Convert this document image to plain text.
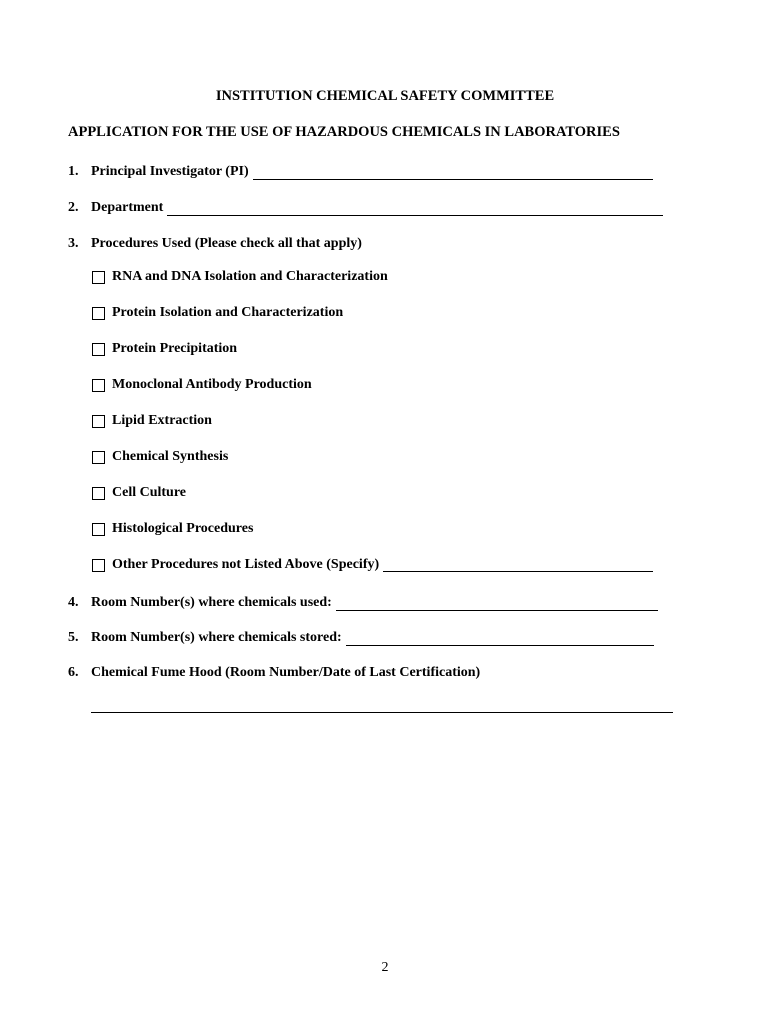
INSTITUTION CHEMICAL SAFETY COMMITTEE
APPLICATION FOR THE USE OF HAZARDOUS CHEMICALS IN LABORATORIES
1. Principal Investigator (PI)
2. Department
3. Procedures Used (Please check all that apply)
RNA and DNA Isolation and Characterization
Protein Isolation and Characterization
Protein Precipitation
Monoclonal Antibody Production
Lipid Extraction
Chemical Synthesis
Cell Culture
Histological Procedures
Other Procedures not Listed Above (Specify)
4. Room Number(s) where chemicals used:
5. Room Number(s) where chemicals stored:
6. Chemical Fume Hood (Room Number/Date of Last Certification)
2
